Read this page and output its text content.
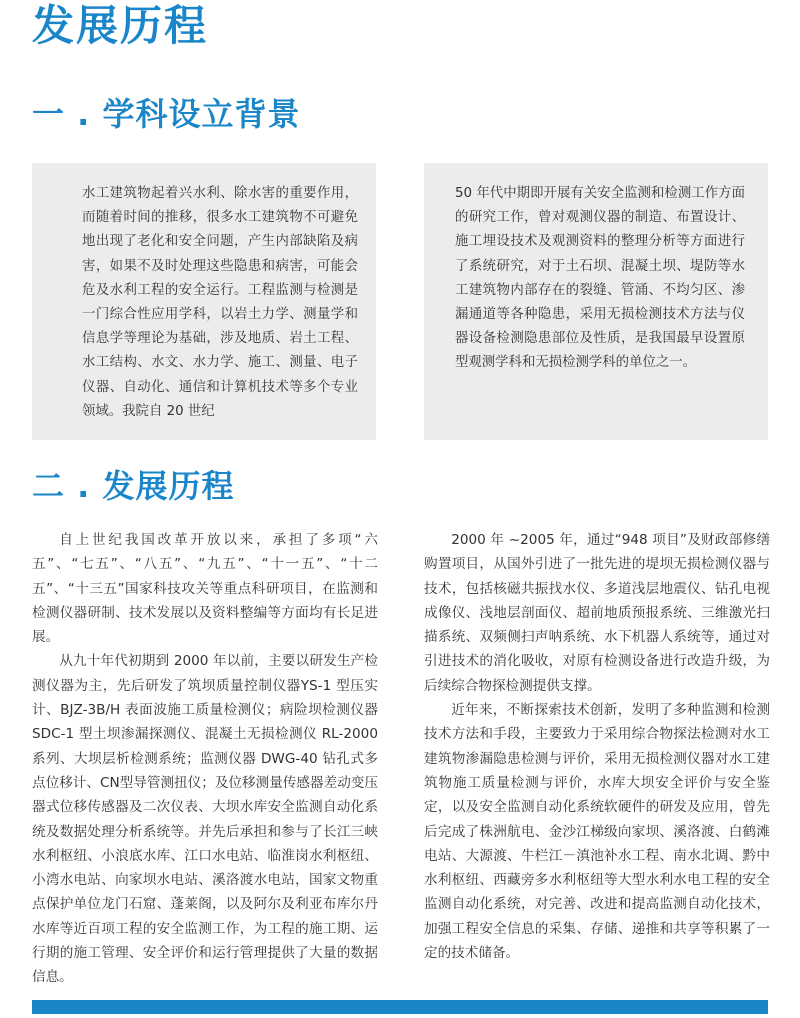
发展历程
一 . 学科设立背景

水工建筑物起着兴水利、除水害的重要作用，而随着时间的推移，很多水工建筑物不可避免地出现了老化和安全问题，产生内部缺陷及病害，如果不及时处理这些隐患和病害，可能会危及水利工程的安全运行。工程监测与检测是一门综合性应用学科，以岩土力学、测量学和信息学等理论为基础，涉及地质、岩土工程、水工结构、水文、水力学、施工、测量、电子仪器、自动化、通信和计算机技术等多个专业领域。我院自 20 世纪

50 年代中期即开展有关安全监测和检测工作方面的研究工作，曾对观测仪器的制造、布置设计、施工埋设技术及观测资料的整理分析等方面进行了系统研究，对于土石坝、混凝土坝、堤防等水工建筑物内部存在的裂缝、管涌、不均匀区、渗漏通道等各种隐患，采用无损检测技术方法与仪器设备检测隐患部位及性质，是我国最早设置原型观测学科和无损检测学科的单位之一。

二 . 发展历程

自上世纪我国改革开放以来，承担了多项“六五”、“七五”、“八五”、“九五”、“十一五”、“十二五”、“十三五”国家科技攻关等重点科研项目，在监测和检测仪器研制、技术发展以及资料整编等方面均有长足进展。

从九十年代初期到 2000 年以前，主要以研发生产检测仪器为主，先后研发了筑坝质量控制仪器YS-1 型压实计、BJZ-3B/H 表面波施工质量检测仪；病险坝检测仪器 SDC-1 型土坝渗漏探测仪、混凝土无损检测仪 RL-2000 系列、大坝层析检测系统；监测仪器 DWG-40 钻孔式多点位移计、CN型导管测扭仪；及位移测量传感器差动变压器式位移传感器及二次仪表、大坝水库安全监测自动化系统及数据处理分析系统等。并先后承担和参与了长江三峡水利枢纽、小浪底水库、江口水电站、临淮岗水利枢纽、小湾水电站、向家坝水电站、溪洛渡水电站，国家文物重点保护单位龙门石窟、蓬莱阁，以及阿尔及利亚布库尔丹水库等近百项工程的安全监测工作，为工程的施工期、运行期的施工管理、安全评价和运行管理提供了大量的数据信息。

2000 年 ~2005 年，通过“948 项目”及财政部修缮购置项目，从国外引进了一批先进的堤坝无损检测仪器与技术，包括核磁共振找水仪、多道浅层地震仪、钻孔电视成像仪、浅地层剖面仪、超前地质预报系统、三维激光扫描系统、双频侧扫声呐系统、水下机器人系统等，通过对引进技术的消化吸收，对原有检测设备进行改造升级，为后续综合物探检测提供支撑。

近年来，不断探索技术创新，发明了多种监测和检测技术方法和手段，主要致力于采用综合物探法检测对水工建筑物渗漏隐患检测与评价，采用无损检测仪器对水工建筑物施工质量检测与评价，水库大坝安全评价与安全鉴定，以及安全监测自动化系统软硬件的研发及应用，曾先后完成了株洲航电、金沙江梯级向家坝、溪洛渡、白鹤滩电站、大源渡、牛栏江－滇池补水工程、南水北调、黔中水利枢纽、西藏旁多水利枢纽等大型水利水电工程的安全监测自动化系统，对完善、改进和提高监测自动化技术，加强工程安全信息的采集、存储、递推和共享等积累了一定的技术储备。
